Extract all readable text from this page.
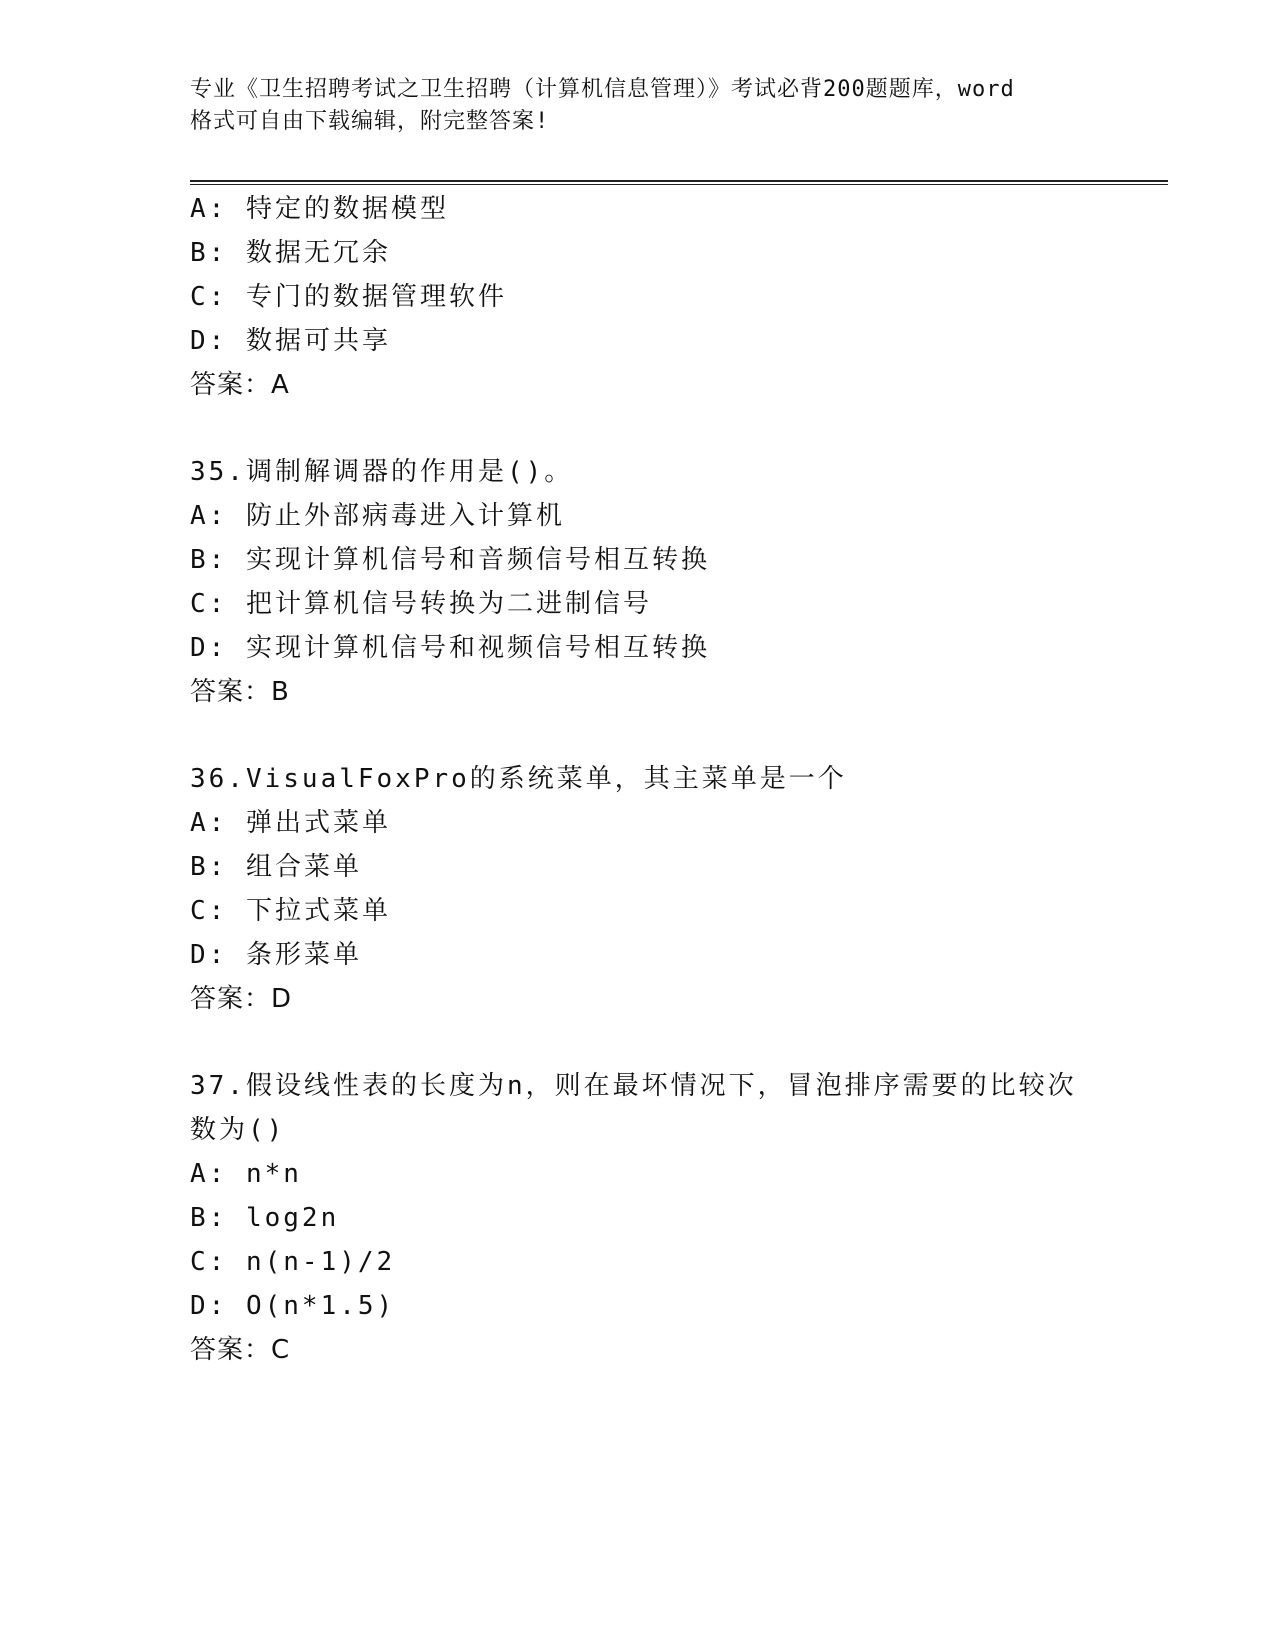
专业《卫生招聘考试之卫生招聘（计算机信息管理）》考试必背200题题库，word
格式可自由下载编辑，附完整答案!
A: 特定的数据模型
B: 数据无冗余
C: 专门的数据管理软件
D: 数据可共享
答案：A
35.调制解调器的作用是()。
A: 防止外部病毒进入计算机
B: 实现计算机信号和音频信号相互转换
C: 把计算机信号转换为二进制信号
D: 实现计算机信号和视频信号相互转换
答案：B
36.VisualFoxPro的系统菜单，其主菜单是一个
A: 弹出式菜单
B: 组合菜单
C: 下拉式菜单
D: 条形菜单
答案：D
37.假设线性表的长度为n，则在最坏情况下，冒泡排序需要的比较次
数为()
A: n*n
B: log2n
C: n(n-1)/2
D: O(n*1.5)
答案：C
